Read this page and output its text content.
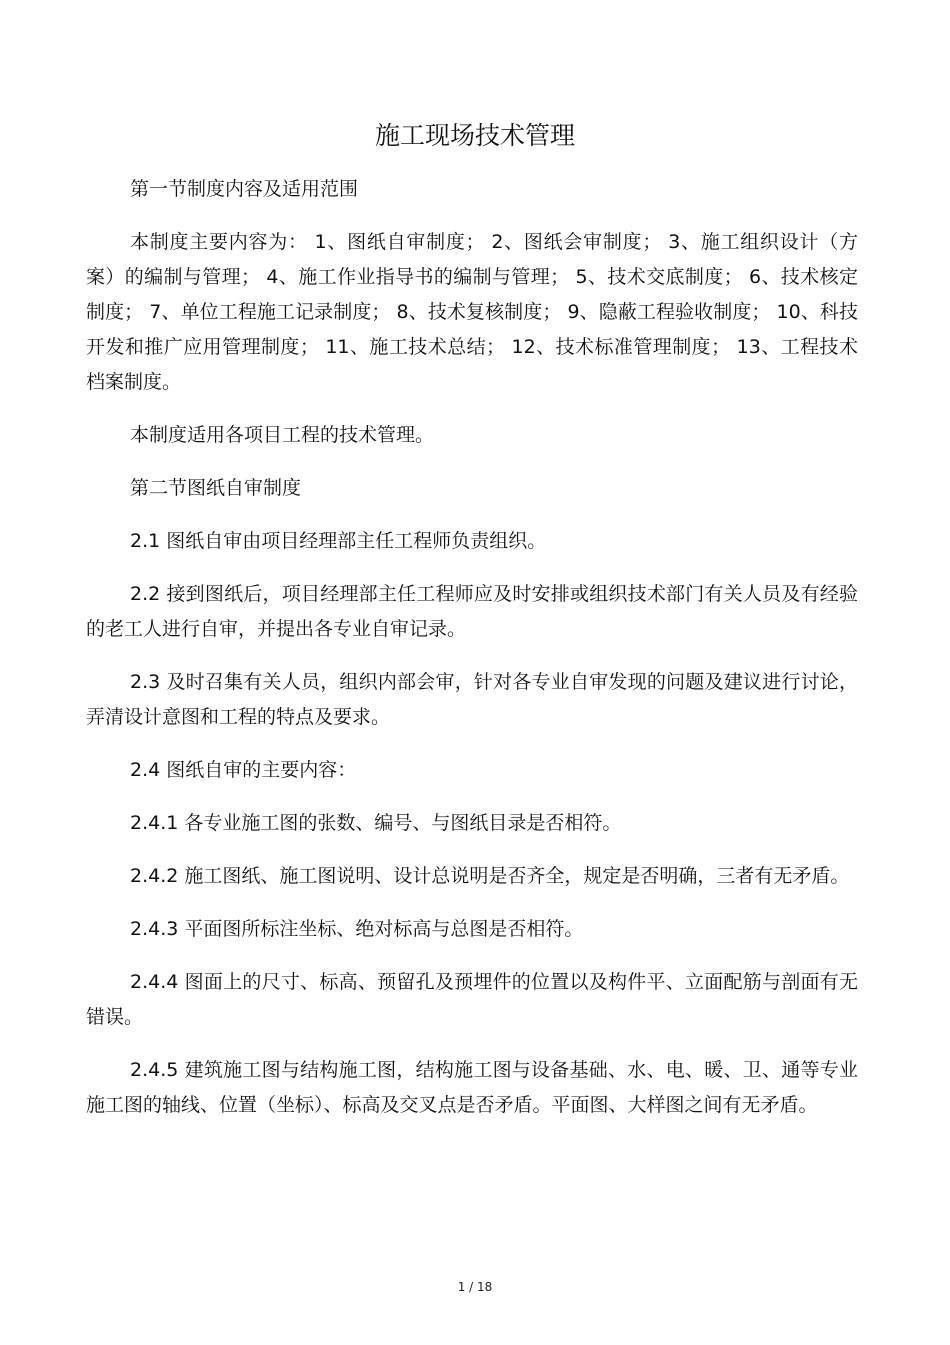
施工现场技术管理

第一节制度内容及适用范围

本制度主要内容为： 1、图纸自审制度； 2、图纸会审制度； 3、施工组织设计（方案）的编制与管理； 4、施工作业指导书的编制与管理； 5、技术交底制度； 6、技术核定制度； 7、单位工程施工记录制度； 8、技术复核制度； 9、隐蔽工程验收制度； 10、科技开发和推广应用管理制度； 11、施工技术总结； 12、技术标准管理制度； 13、工程技术档案制度。

本制度适用各项目工程的技术管理。

第二节图纸自审制度

2.1 图纸自审由项目经理部主任工程师负责组织。

2.2 接到图纸后，项目经理部主任工程师应及时安排或组织技术部门有关人员及有经验的老工人进行自审，并提出各专业自审记录。

2.3 及时召集有关人员，组织内部会审，针对各专业自审发现的问题及建议进行讨论，弄清设计意图和工程的特点及要求。

2.4 图纸自审的主要内容：

2.4.1 各专业施工图的张数、编号、与图纸目录是否相符。

2.4.2 施工图纸、施工图说明、设计总说明是否齐全，规定是否明确，三者有无矛盾。

2.4.3 平面图所标注坐标、绝对标高与总图是否相符。

2.4.4 图面上的尺寸、标高、预留孔及预埋件的位置以及构件平、立面配筋与剖面有无错误。

2.4.5 建筑施工图与结构施工图，结构施工图与设备基础、水、电、暖、卫、通等专业施工图的轴线、位置（坐标）、标高及交叉点是否矛盾。平面图、大样图之间有无矛盾。

1 / 18
